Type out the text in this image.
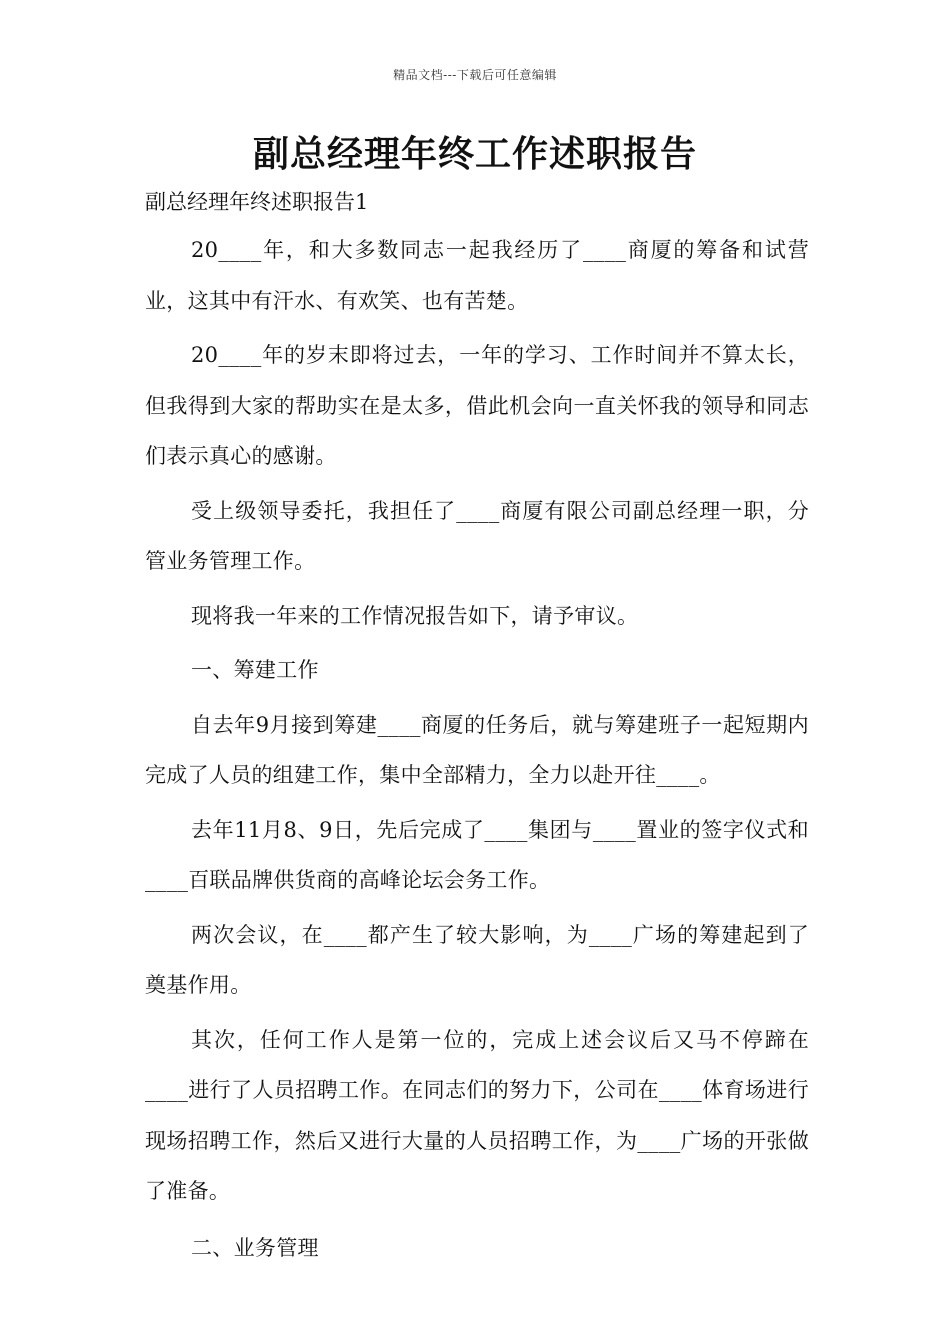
精品文档---下载后可任意编辑
副总经理年终工作述职报告

副总经理年终述职报告1

20____年，和大多数同志一起我经历了____商厦的筹备和试营业，这其中有汗水、有欢笑、也有苦楚。

20____年的岁末即将过去，一年的学习、工作时间并不算太长，但我得到大家的帮助实在是太多，借此机会向一直关怀我的领导和同志们表示真心的感谢。

受上级领导委托，我担任了____商厦有限公司副总经理一职，分管业务管理工作。

现将我一年来的工作情况报告如下，请予审议。

一、筹建工作

自去年9月接到筹建____商厦的任务后，就与筹建班子一起短期内完成了人员的组建工作，集中全部精力，全力以赴开往____。

去年11月8、9日，先后完成了____集团与____置业的签字仪式和____百联品牌供货商的高峰论坛会务工作。

两次会议，在____都产生了较大影响，为____广场的筹建起到了奠基作用。

其次，任何工作人是第一位的，完成上述会议后又马不停蹄在____进行了人员招聘工作。在同志们的努力下，公司在____体育场进行现场招聘工作，然后又进行大量的人员招聘工作，为____广场的开张做了准备。

二、业务管理
